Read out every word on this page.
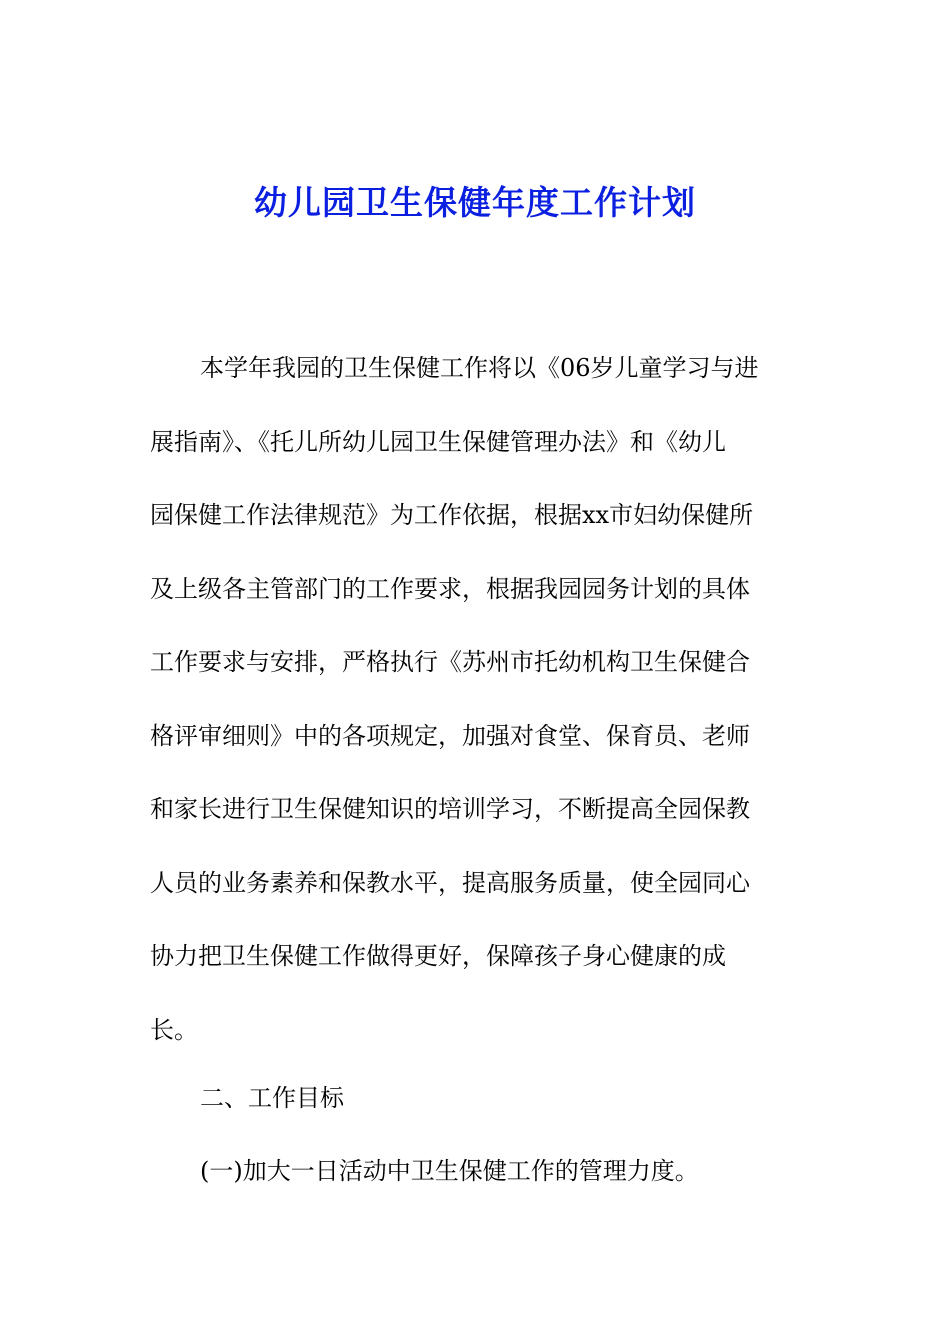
幼儿园卫生保健年度工作计划
本学年我园的卫生保健工作将以《06岁儿童学习与进
展指南》、《托儿所幼儿园卫生保健管理办法》和《幼儿
园保健工作法律规范》为工作依据，根据xx市妇幼保健所
及上级各主管部门的工作要求，根据我园园务计划的具体
工作要求与安排，严格执行《苏州市托幼机构卫生保健合
格评审细则》中的各项规定，加强对食堂、保育员、老师
和家长进行卫生保健知识的培训学习，不断提高全园保教
人员的业务素养和保教水平，提高服务质量，使全园同心
协力把卫生保健工作做得更好，保障孩子身心健康的成
长。
二、工作目标
(一)加大一日活动中卫生保健工作的管理力度。
